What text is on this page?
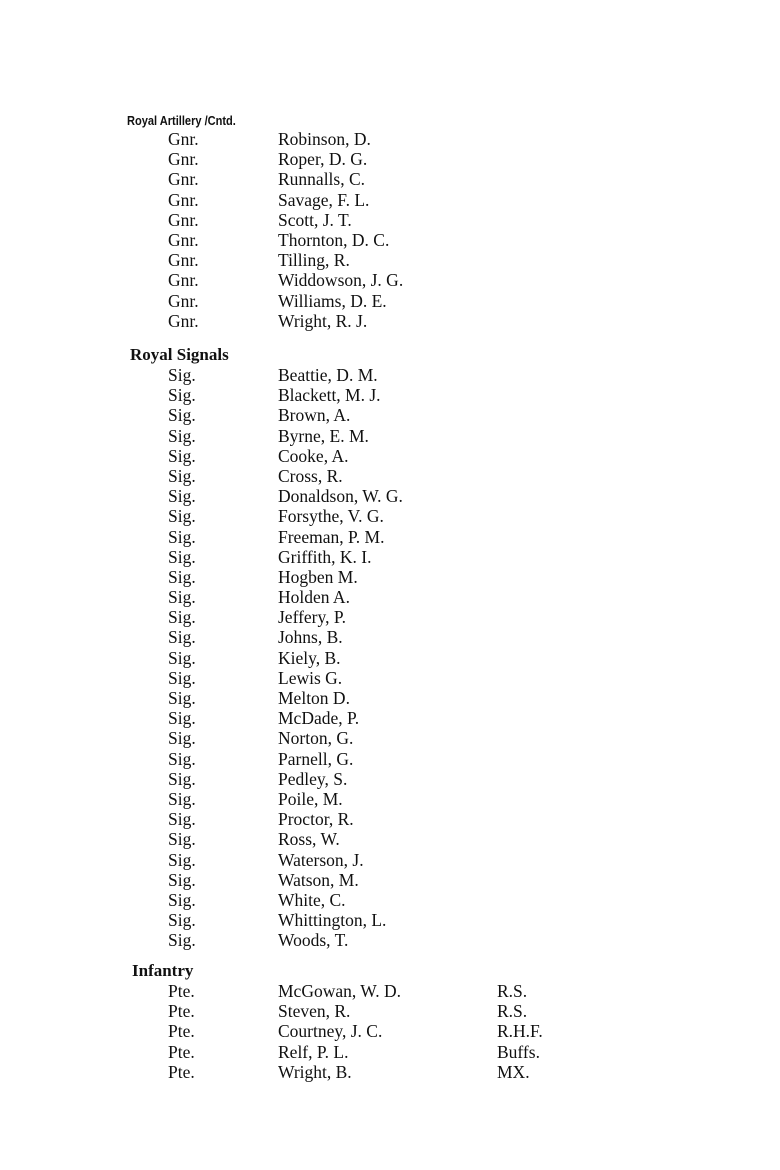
Royal Artillery /Cntd.
Gnr.	Robinson, D.
Gnr.	Roper, D. G.
Gnr.	Runnalls, C.
Gnr.	Savage, F. L.
Gnr.	Scott, J. T.
Gnr.	Thornton, D. C.
Gnr.	Tilling, R.
Gnr.	Widdowson, J. G.
Gnr.	Williams, D. E.
Gnr.	Wright, R. J.
Royal Signals
Sig.	Beattie, D. M.
Sig.	Blackett, M. J.
Sig.	Brown, A.
Sig.	Byrne, E. M.
Sig.	Cooke, A.
Sig.	Cross, R.
Sig.	Donaldson, W. G.
Sig.	Forsythe, V. G.
Sig.	Freeman, P. M.
Sig.	Griffith, K. I.
Sig.	Hogben M.
Sig.	Holden A.
Sig.	Jeffery, P.
Sig.	Johns, B.
Sig.	Kiely, B.
Sig.	Lewis G.
Sig.	Melton D.
Sig.	McDade, P.
Sig.	Norton, G.
Sig.	Parnell, G.
Sig.	Pedley, S.
Sig.	Poile, M.
Sig.	Proctor, R.
Sig.	Ross, W.
Sig.	Waterson, J.
Sig.	Watson, M.
Sig.	White, C.
Sig.	Whittington, L.
Sig.	Woods, T.
Infantry
Pte.	McGowan, W. D.	R.S.
Pte.	Steven, R.	R.S.
Pte.	Courtney, J. C.	R.H.F.
Pte.	Relf, P. L.	Buffs.
Pte.	Wright, B.	MX.
